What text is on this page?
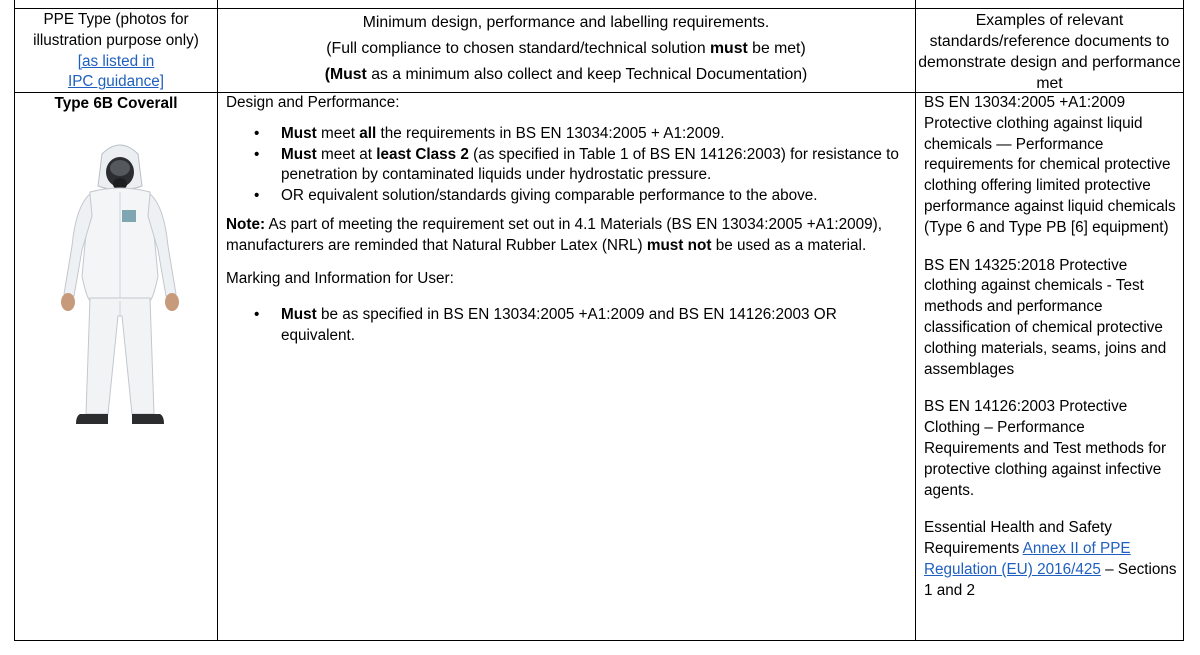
PPE Type (photos for
illustration purpose only)
[as listed in
IPC guidance]
Minimum design, performance and labelling requirements.
(Full compliance to chosen standard/technical solution must be met)
(Must as a minimum also collect and keep Technical Documentation)
Examples of relevant standards/reference documents to demonstrate design and performance met
Type 6B Coverall	Design and Performance:

• Must meet all the requirements in BS EN 13034:2005 + A1:2009.
• Must meet at least Class 2 (as specified in Table 1 of BS EN 14126:2003) for resistance to penetration by contaminated liquids under hydrostatic pressure.
• OR equivalent solution/standards giving comparable performance to the above.

Note: As part of meeting the requirement set out in 4.1 Materials (BS EN 13034:2005 +A1:2009), manufacturers are reminded that Natural Rubber Latex (NRL) must not be used as a material.

Marking and Information for User:

• Must be as specified in BS EN 13034:2005 +A1:2009 and BS EN 14126:2003 OR equivalent.

BS EN 13034:2005 +A1:2009 Protective clothing against liquid chemicals — Performance requirements for chemical protective clothing offering limited protective performance against liquid chemicals (Type 6 and Type PB [6] equipment)

BS EN 14325:2018 Protective clothing against chemicals - Test methods and performance classification of chemical protective clothing materials, seams, joins and assemblages

BS EN 14126:2003 Protective Clothing – Performance Requirements and Test methods for protective clothing against infective agents.

Essential Health and Safety Requirements Annex II of PPE Regulation (EU) 2016/425 – Sections 1 and 2
